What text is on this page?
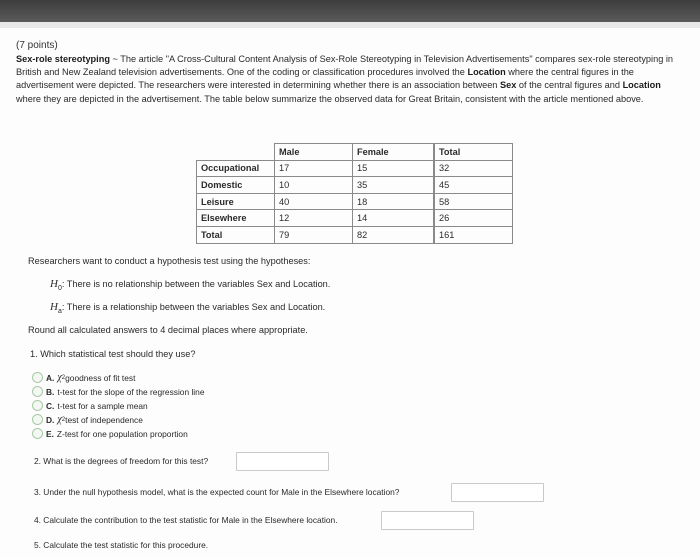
(7 points)
Sex-role stereotyping ~ The article "A Cross-Cultural Content Analysis of Sex-Role Stereotyping in Television Advertisements" compares sex-role stereotyping in British and New Zealand television advertisements. One of the coding or classification procedures involved the Location where the central figures in the advertisement were depicted. The researchers were interested in determining whether there is an association between Sex of the central figures and Location where they are depicted in the advertisement. The table below summarize the observed data for Great Britain, consistent with the article mentioned above.
	Male	Female		Total
Occupational	17	15		32
Domestic	10	35		45
Leisure	40	18		58
Elsewhere	12	14		26
Total	79	82		161
Researchers want to conduct a hypothesis test using the hypotheses:
$H_0$: There is no relationship between the variables Sex and Location.
$H_a$: There is a relationship between the variables Sex and Location.
Round all calculated answers to 4 decimal places where appropriate.
1. Which statistical test should they use?
A. χ 2 goodness of fit test
B. t-test for the slope of the regression line
C. t-test for a sample mean
D. χ 2 test of independence
E. Z-test for one population proportion
2. What is the degrees of freedom for this test?
3. Under the null hypothesis model, what is the expected count for Male in the Elsewhere location?
4. Calculate the contribution to the test statistic for Male in the Elsewhere location.
5. Calculate the test statistic for this procedure.
